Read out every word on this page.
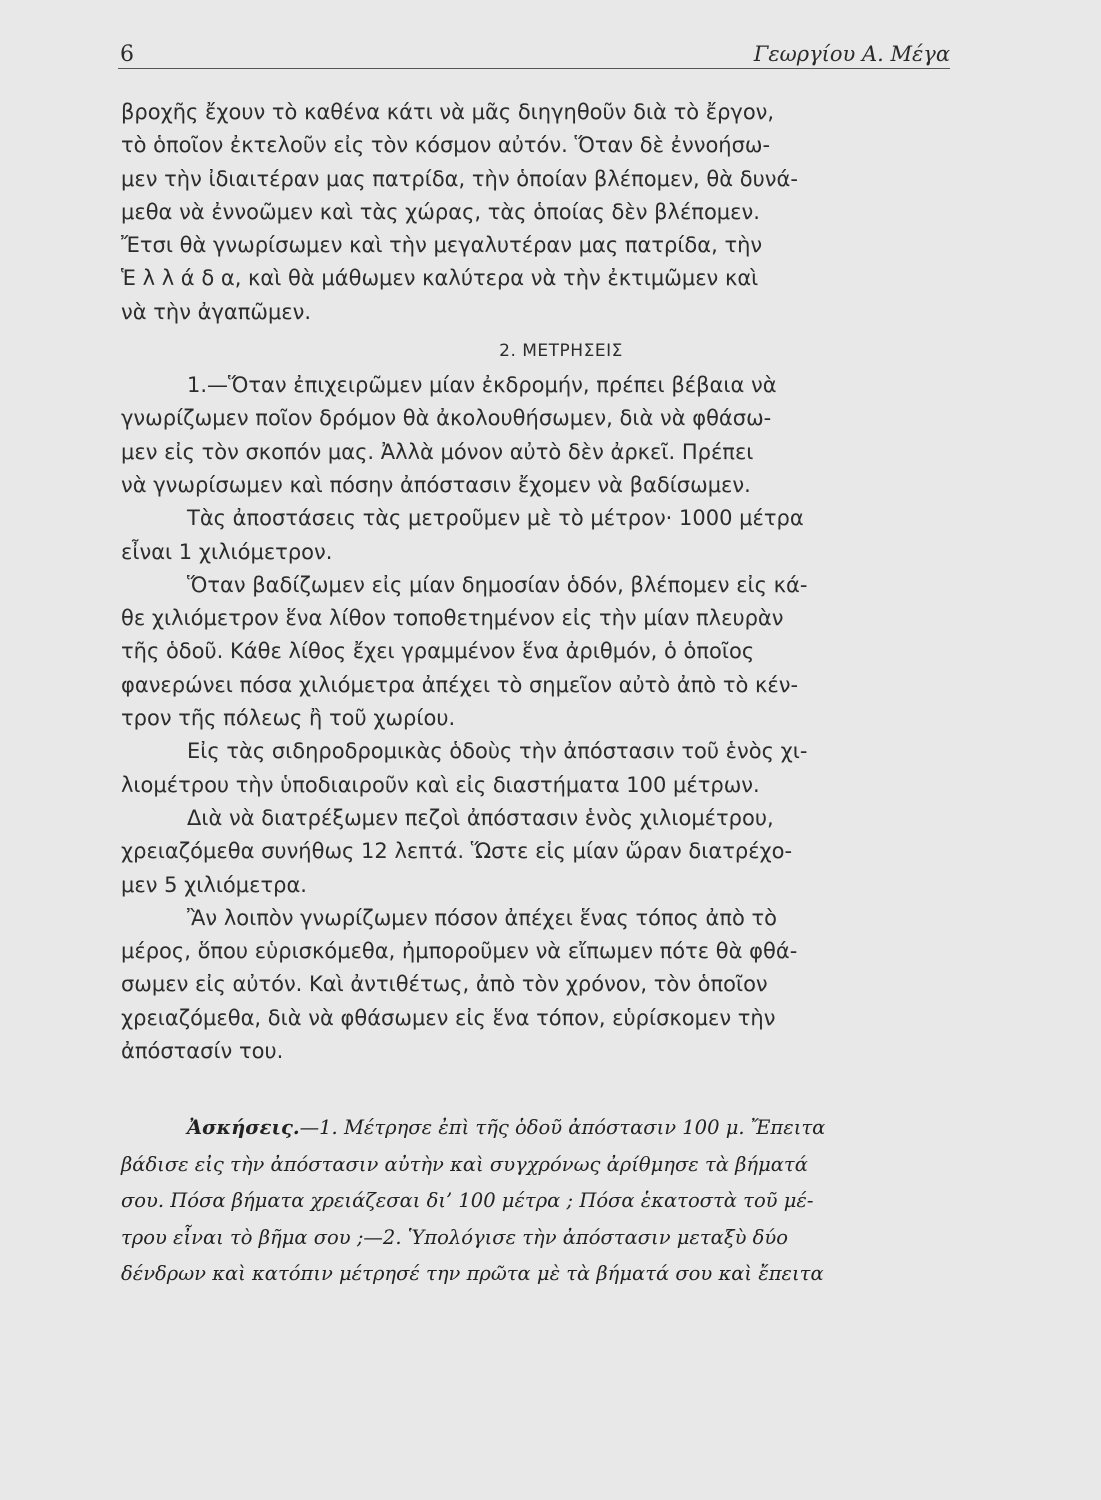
6	Γεωργίου Α. Μέγα
βροχῆς ἔχουν τὸ καθένα κάτι νὰ μᾶς διηγηθοῦν διὰ τὸ ἔργον,
τὸ ὁποῖον ἐκτελοῦν εἰς τὸν κόσμον αὐτόν. Ὅταν δὲ ἐννοήσω-
μεν τὴν ἰδιαιτέραν μας πατρίδα, τὴν ὁποίαν βλέπομεν, θὰ δυνά-
μεθα νὰ ἐννοῶμεν καὶ τὰς χώρας, τὰς ὁποίας δὲν βλέπομεν.
Ἔτσι θὰ γνωρίσωμεν καὶ τὴν μεγαλυτέραν μας πατρίδα, τὴν
Ἑ λ λ ά δ α, καὶ θὰ μάθωμεν καλύτερα νὰ τὴν ἐκτιμῶμεν καὶ
νὰ τὴν ἀγαπῶμεν.
2. ΜΕΤΡΗΣΕΙΣ
1.—Ὅταν ἐπιχειρῶμεν μίαν ἐκδρομήν, πρέπει βέβαια νὰ
γνωρίζωμεν ποῖον δρόμον θὰ ἀκολουθήσωμεν, διὰ νὰ φθάσω-
μεν εἰς τὸν σκοπόν μας. Ἀλλὰ μόνον αὐτὸ δὲν ἀρκεῖ. Πρέπει
νὰ γνωρίσωμεν καὶ πόσην ἀπόστασιν ἔχομεν νὰ βαδίσωμεν.
Τὰς ἀποστάσεις τὰς μετροῦμεν μὲ τὸ μέτρον· 1000 μέτρα
εἶναι 1 χιλιόμετρον.
Ὅταν βαδίζωμεν εἰς μίαν δημοσίαν ὁδόν, βλέπομεν εἰς κά-
θε χιλιόμετρον ἕνα λίθον τοποθετημένον εἰς τὴν μίαν πλευρὰν
τῆς ὁδοῦ. Κάθε λίθος ἔχει γραμμένον ἕνα ἀριθμόν, ὁ ὁποῖος
φανερώνει πόσα χιλιόμετρα ἀπέχει τὸ σημεῖον αὐτὸ ἀπὸ τὸ κέν-
τρον τῆς πόλεως ἢ τοῦ χωρίου.
Εἰς τὰς σιδηροδρομικὰς ὁδοὺς τὴν ἀπόστασιν τοῦ ἑνὸς χι-
λιομέτρου τὴν ὑποδιαιροῦν καὶ εἰς διαστήματα 100 μέτρων.
Διὰ νὰ διατρέξωμεν πεζοὶ ἀπόστασιν ἑνὸς χιλιομέτρου,
χρειαζόμεθα συνήθως 12 λεπτά. Ὥστε εἰς μίαν ὥραν διατρέχο-
μεν 5 χιλιόμετρα.
Ἂν λοιπὸν γνωρίζωμεν πόσον ἀπέχει ἕνας τόπος ἀπὸ τὸ
μέρος, ὅπου εὑρισκόμεθα, ἠμποροῦμεν νὰ εἴπωμεν πότε θὰ φθά-
σωμεν εἰς αὐτόν. Καὶ ἀντιθέτως, ἀπὸ τὸν χρόνον, τὸν ὁποῖον
χρειαζόμεθα, διὰ νὰ φθάσωμεν εἰς ἕνα τόπον, εὑρίσκομεν τὴν
ἀπόστασίν του.
Ἀσκήσεις.—1. Μέτρησε ἐπὶ τῆς ὁδοῦ ἀπόστασιν 100 μ. Ἔπειτα
βάδισε εἰς τὴν ἀπόστασιν αὐτὴν καὶ συγχρόνως ἀρίθμησε τὰ βήματά
σου. Πόσα βήματα χρειάζεσαι δι’ 100 μέτρα ; Πόσα ἑκατοστὰ τοῦ μέ-
τρου εἶναι τὸ βῆμα σου ;—2. Ὑπολόγισε τὴν ἀπόστασιν μεταξὺ δύο
δένδρων καὶ κατόπιν μέτρησέ την πρῶτα μὲ τὰ βήματά σου καὶ ἔπειτα
